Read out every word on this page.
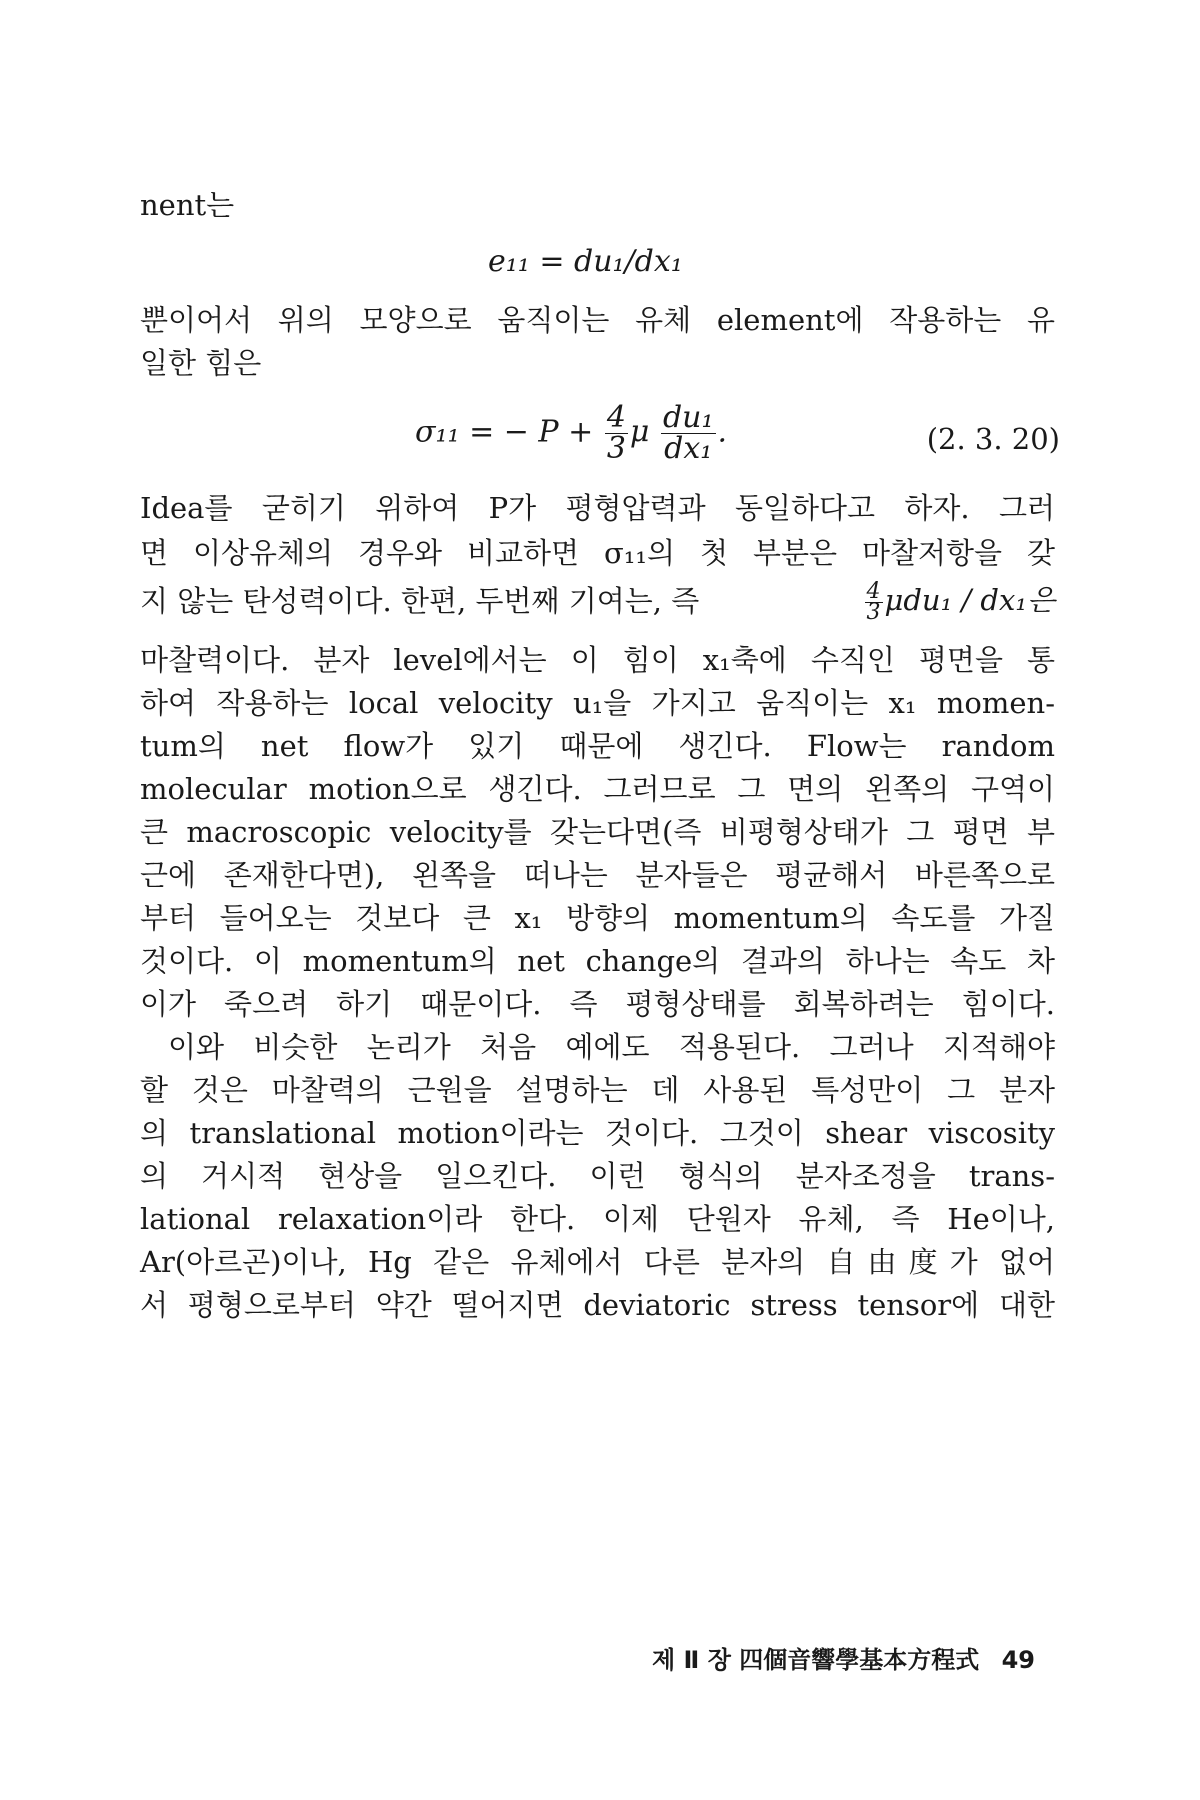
nent는
e₁₁ = du₁/dx₁
뿐이어서 위의 모양으로 움직이는 유체 element에 작용하는 유
일한 힘은
σ₁₁ = − $P + \frac{4}{3}$ μ $\frac{\text{du₁}}{\text{dx₁}}$ .	(2. 3. 20)
Idea를 굳히기 위하여 P가 평형압력과 동일하다고 하자. 그러
면 이상유체의 경우와 비교하면 σ₁₁의 첫 부분은 마찰저항을 갖
지 않는 탄성력이다. 한편, 두번째 기여는, 즉	$\frac{4}{3} \mu du_1 / dx_1$은
마찰력이다. 분자 level에서는 이 힘이 x₁축에 수직인 평면을 통
하여 작용하는 local velocity u₁을 가지고 움직이는 x₁ momen-
tum의 net flow가 있기 때문에 생긴다. Flow는 random
molecular motion으로 생긴다. 그러므로 그 면의 왼쪽의 구역이
큰 macroscopic velocity를 갖는다면(즉 비평형상태가 그 평면 부
근에 존재한다면), 왼쪽을 떠나는 분자들은 평균해서 바른쪽으로
부터 들어오는 것보다 큰 x₁ 방향의 momentum의 속도를 가질
것이다. 이 momentum의 net change의 결과의 하나는 속도 차
이가 죽으려 하기 때문이다. 즉 평형상태를 회복하려는 힘이다.
이와 비슷한 논리가 처음 예에도 적용된다. 그러나 지적해야
할 것은 마찰력의 근원을 설명하는 데 사용된 특성만이 그 분자
의 translational motion이라는 것이다. 그것이 shear viscosity
의 거시적 현상을 일으킨다. 이런 형식의 분자조정을 trans-
lational relaxation이라 한다. 이제 단원자 유체, 즉 He이나,
Ar(아르곤)이나, Hg 같은 유체에서 다른 분자의 自由度가 없어
서 평형으로부터 약간 떨어지면 deviatoric stress tensor에 대한
제 Ⅱ 장 四個音響學基本方程式 49
